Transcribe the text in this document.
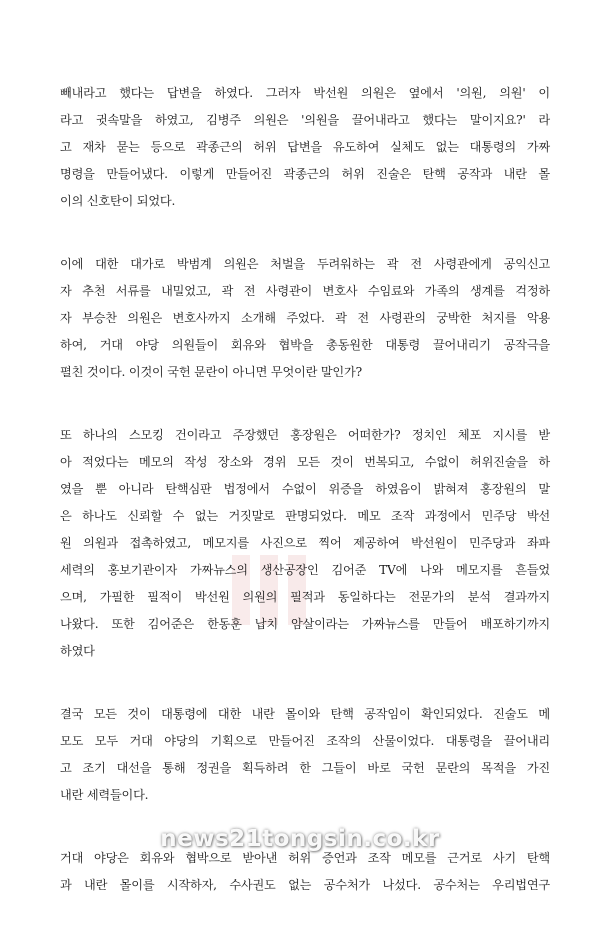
빼내라고 했다는 답변을 하였다. 그러자 박선원 의원은 옆에서 '의원, 의원' 이
라고 귓속말을 하였고, 김병주 의원은 '의원을 끌어내라고 했다는 말이지요?' 라
고 재차 묻는 등으로 곽종근의 허위 답변을 유도하여 실체도 없는 대통령의 가짜
명령을 만들어냈다. 이렇게 만들어진 곽종근의 허위 진술은 탄핵 공작과 내란 몰
이의 신호탄이 되었다.
이에 대한 대가로 박범계 의원은 처벌을 두려워하는 곽 전 사령관에게 공익신고
자 추천 서류를 내밀었고, 곽 전 사령관이 변호사 수임료와 가족의 생계를 걱정하
자 부승찬 의원은 변호사까지 소개해 주었다. 곽 전 사령관의 궁박한 처지를 악용
하여, 거대 야당 의원들이 회유와 협박을 총동원한 대통령 끌어내리기 공작극을
펼친 것이다. 이것이 국헌 문란이 아니면 무엇이란 말인가?
또 하나의 스모킹 건이라고 주장했던 홍장원은 어떠한가? 정치인 체포 지시를 받
아 적었다는 메모의 작성 장소와 경위 모든 것이 번복되고, 수없이 허위진술을 하
였을 뿐 아니라 탄핵심판 법정에서 수없이 위증을 하였음이 밝혀져 홍장원의 말
은 하나도 신뢰할 수 없는 거짓말로 판명되었다. 메모 조작 과정에서 민주당 박선
원 의원과 접촉하였고, 메모지를 사진으로 찍어 제공하여 박선원이 민주당과 좌파
세력의 홍보기관이자 가짜뉴스의 생산공장인 김어준 TV에 나와 메모지를 흔들었
으며, 가필한 필적이 박선원 의원의 필적과 동일하다는 전문가의 분석 결과까지
나왔다. 또한 김어준은 한동훈 납치 암살이라는 가짜뉴스를 만들어 배포하기까지
하였다
결국 모든 것이 대통령에 대한 내란 몰이와 탄핵 공작임이 확인되었다. 진술도 메
모도 모두 거대 야당의 기획으로 만들어진 조작의 산물이었다. 대통령을 끌어내리
고 조기 대선을 통해 정권을 획득하려 한 그들이 바로 국헌 문란의 목적을 가진
내란 세력들이다.
거대 야당은 회유와 협박으로 받아낸 허위 증언과 조작 메모를 근거로 사기 탄핵
과 내란 몰이를 시작하자, 수사권도 없는 공수처가 나섰다. 공수처는 우리법연구
news21tongsin.co.kr
